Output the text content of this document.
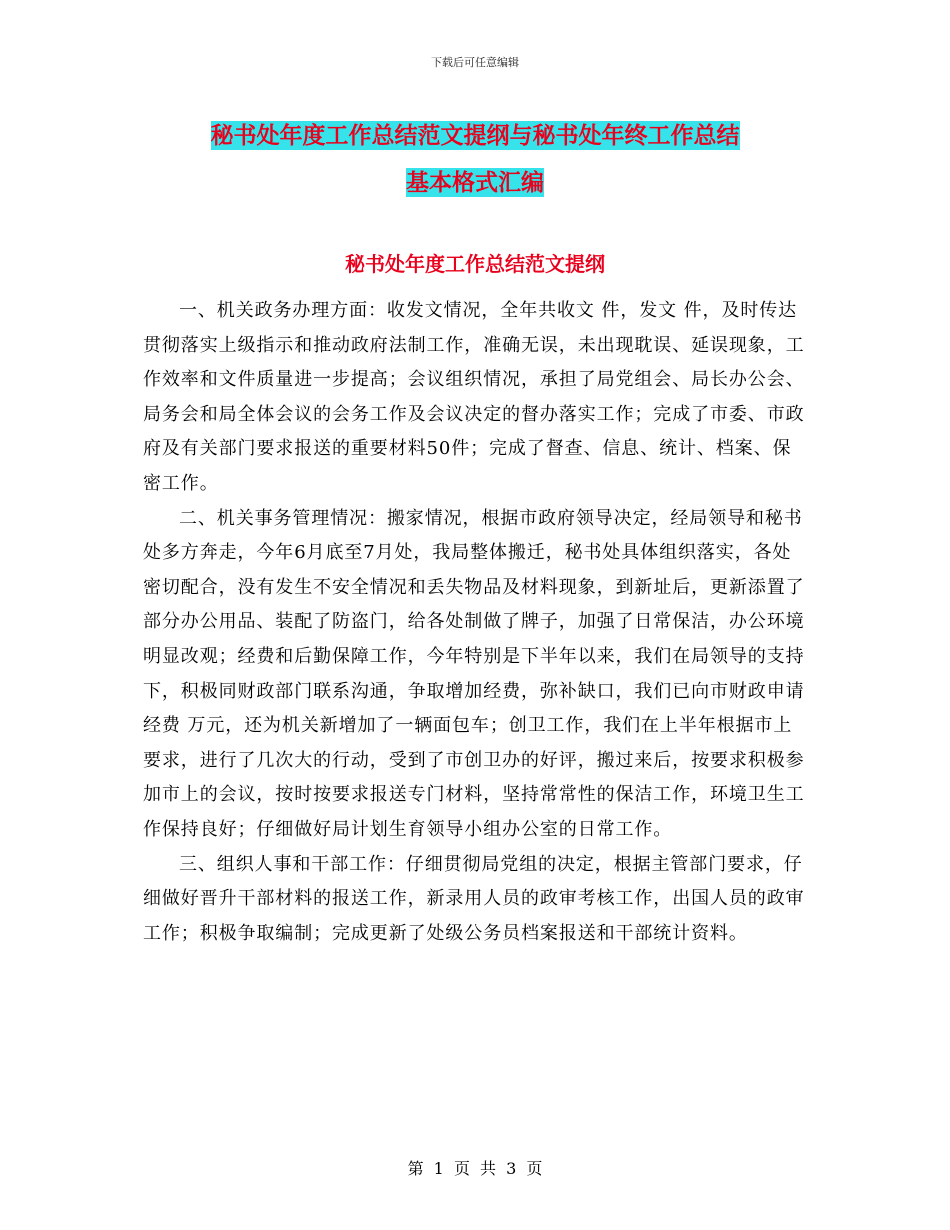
下载后可任意编辑
秘书处年度工作总结范文提纲与秘书处年终工作总结
基本格式汇编
秘书处年度工作总结范文提纲

一、机关政务办理方面：收发文情况，全年共收文 件，发文 件，及时传达贯彻落实上级指示和推动政府法制工作，准确无误，未出现耽误、延误现象，工作效率和文件质量进一步提高；会议组织情况，承担了局党组会、局长办公会、局务会和局全体会议的会务工作及会议决定的督办落实工作；完成了市委、市政府及有关部门要求报送的重要材料50件；完成了督查、信息、统计、档案、保密工作。

二、机关事务管理情况：搬家情况，根据市政府领导决定，经局领导和秘书处多方奔走，今年6月底至7月处，我局整体搬迁，秘书处具体组织落实，各处密切配合，没有发生不安全情况和丢失物品及材料现象，到新址后，更新添置了部分办公用品、装配了防盗门，给各处制做了牌子，加强了日常保洁，办公环境明显改观；经费和后勤保障工作，今年特别是下半年以来，我们在局领导的支持下，积极同财政部门联系沟通，争取增加经费，弥补缺口，我们已向市财政申请经费 万元，还为机关新增加了一辆面包车；创卫工作，我们在上半年根据市上要求，进行了几次大的行动，受到了市创卫办的好评，搬过来后，按要求积极参加市上的会议，按时按要求报送专门材料，坚持常常性的保洁工作，环境卫生工作保持良好；仔细做好局计划生育领导小组办公室的日常工作。

三、组织人事和干部工作：仔细贯彻局党组的决定，根据主管部门要求，仔细做好晋升干部材料的报送工作，新录用人员的政审考核工作，出国人员的政审工作；积极争取编制；完成更新了处级公务员档案报送和干部统计资料。

第 1 页 共 3 页
